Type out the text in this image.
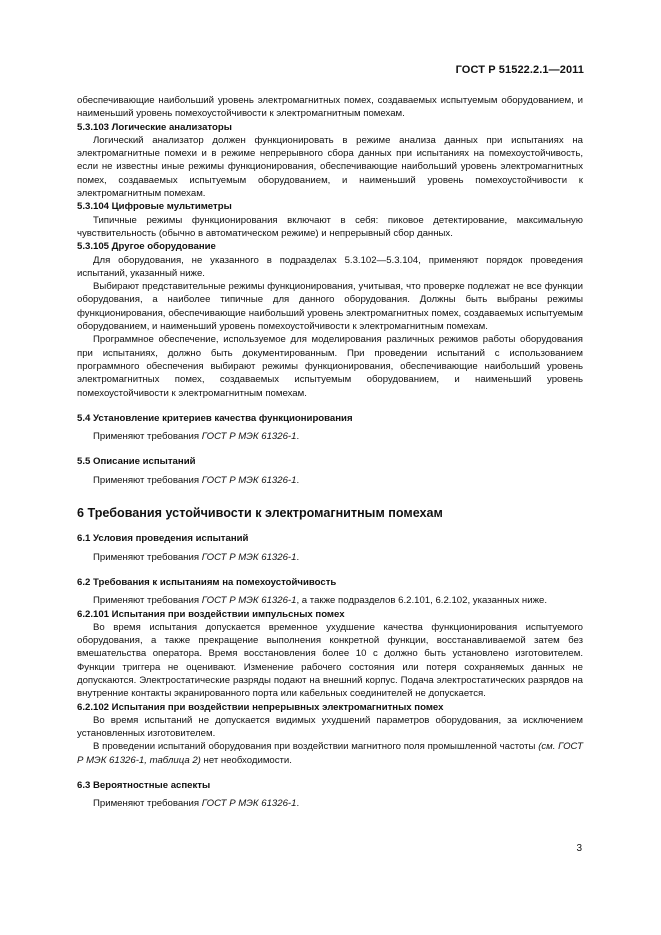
ГОСТ Р 51522.2.1—2011

обеспечивающие наибольший уровень электромагнитных помех, создаваемых испытуемым оборудованием, и наименьший уровень помехоустойчивости к электромагнитным помехам.

5.3.103 Логические анализаторы

Логический анализатор должен функционировать в режиме анализа данных при испытаниях на электромагнитные помехи и в режиме непрерывного сбора данных при испытаниях на помехоустойчивость, если не известны иные режимы функционирования, обеспечивающие наибольший уровень электромагнитных помех, создаваемых испытуемым оборудованием, и наименьший уровень помехоустойчивости к электромагнитным помехам.

5.3.104 Цифровые мультиметры

Типичные режимы функционирования включают в себя: пиковое детектирование, максимальную чувствительность (обычно в автоматическом режиме) и непрерывный сбор данных.

5.3.105 Другое оборудование

Для оборудования, не указанного в подразделах 5.3.102—5.3.104, применяют порядок проведения испытаний, указанный ниже.

Выбирают представительные режимы функционирования, учитывая, что проверке подлежат не все функции оборудования, а наиболее типичные для данного оборудования. Должны быть выбраны режимы функционирования, обеспечивающие наибольший уровень электромагнитных помех, создаваемых испытуемым оборудованием, и наименьший уровень помехоустойчивости к электромагнитным помехам.

Программное обеспечение, используемое для моделирования различных режимов работы оборудования при испытаниях, должно быть документированным. При проведении испытаний с использованием программного обеспечения выбирают режимы функционирования, обеспечивающие наибольший уровень электромагнитных помех, создаваемых испытуемым оборудованием, и наименьший уровень помехоустойчивости к электромагнитным помехам.

5.4 Установление критериев качества функционирования

Применяют требования ГОСТ Р МЭК 61326-1.

5.5 Описание испытаний

Применяют требования ГОСТ Р МЭК 61326-1.

6 Требования устойчивости к электромагнитным помехам
6.1 Условия проведения испытаний

Применяют требования ГОСТ Р МЭК 61326-1.

6.2 Требования к испытаниям на помехоустойчивость

Применяют требования ГОСТ Р МЭК 61326-1, а также подразделов 6.2.101, 6.2.102, указанных ниже.

6.2.101 Испытания при воздействии импульсных помех

Во время испытания допускается временное ухудшение качества функционирования испытуемого оборудования, а также прекращение выполнения конкретной функции, восстанавливаемой затем без вмешательства оператора. Время восстановления более 10 с должно быть установлено изготовителем. Функции триггера не оценивают. Изменение рабочего состояния или потеря сохраняемых данных не допускаются. Электростатические разряды подают на внешний корпус. Подача электростатических разрядов на внутренние контакты экранированного порта или кабельных соединителей не допускается.

6.2.102 Испытания при воздействии непрерывных электромагнитных помех

Во время испытаний не допускается видимых ухудшений параметров оборудования, за исключением установленных изготовителем.

В проведении испытаний оборудования при воздействии магнитного поля промышленной частоты (см. ГОСТ Р МЭК 61326-1, таблица 2) нет необходимости.

6.3 Вероятностные аспекты

Применяют требования ГОСТ Р МЭК 61326-1.

3
